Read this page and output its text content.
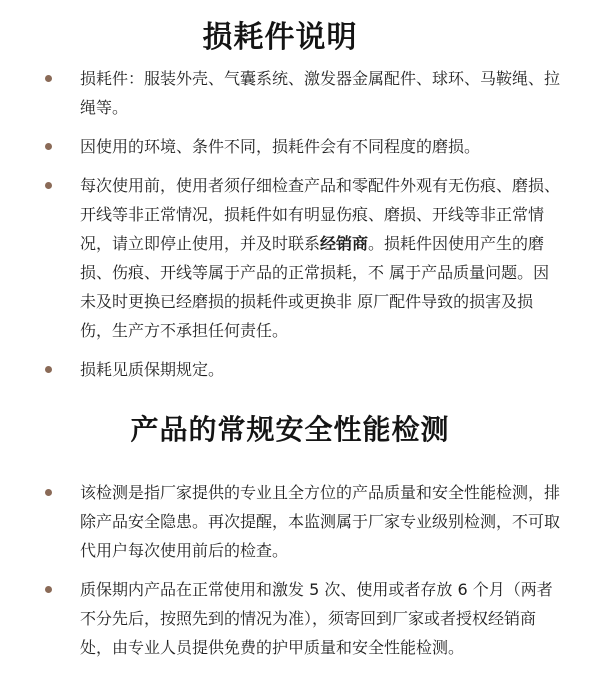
损耗件说明
损耗件：服装外壳、气囊系统、激发器金属配件、球环、马鞍绳、拉绳等。
因使用的环境、条件不同，损耗件会有不同程度的磨损。
每次使用前，使用者须仔细检查产品和零配件外观有无伤痕、磨损、开线等非正常情况，损耗件如有明显伤痕、磨损、开线等非正常情况，请立即停止使用，并及时联系经销商。损耗件因使用产生的磨损、伤痕、开线等属于产品的正常损耗，不 属于产品质量问题。因未及时更换已经磨损的损耗件或更换非 原厂配件导致的损害及损伤，生产方不承担任何责任。
损耗见质保期规定。
产品的常规安全性能检测
该检测是指厂家提供的专业且全方位的产品质量和安全性能检测，排除产品安全隐患。再次提醒，本监测属于厂家专业级别检测，不可取代用户每次使用前后的检查。
质保期内产品在正常使用和激发 5 次、使用或者存放 6 个月（两者不分先后，按照先到的情况为准），须寄回到厂家或者授权经销商处，由专业人员提供免费的护甲质量和安全性能检测。
